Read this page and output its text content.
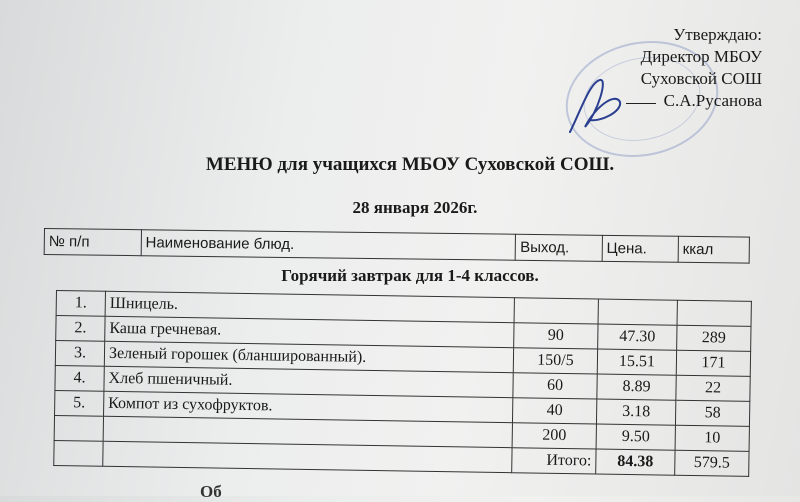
Утверждаю:
Директор МБОУ
Суховской СОШ
С.А.Русанова
МЕНЮ для учащихся МБОУ Суховской СОШ.
28 января 2026г.
№ п/п	Наименование блюд.	Выход.	Цена.	ккал
Горячий завтрак для 1-4 классов.
1.	Шницель.			
2.	Каша гречневая.	90	47.30	289
3.	Зеленый горошек (бланшированный).	150/5	15.51	171
4.	Хлеб пшеничный.	60	8.89	22
5.	Компот из сухофруктов.	40	3.18	58
		200	9.50	10
		Итого:	84.38	579.5
Об
